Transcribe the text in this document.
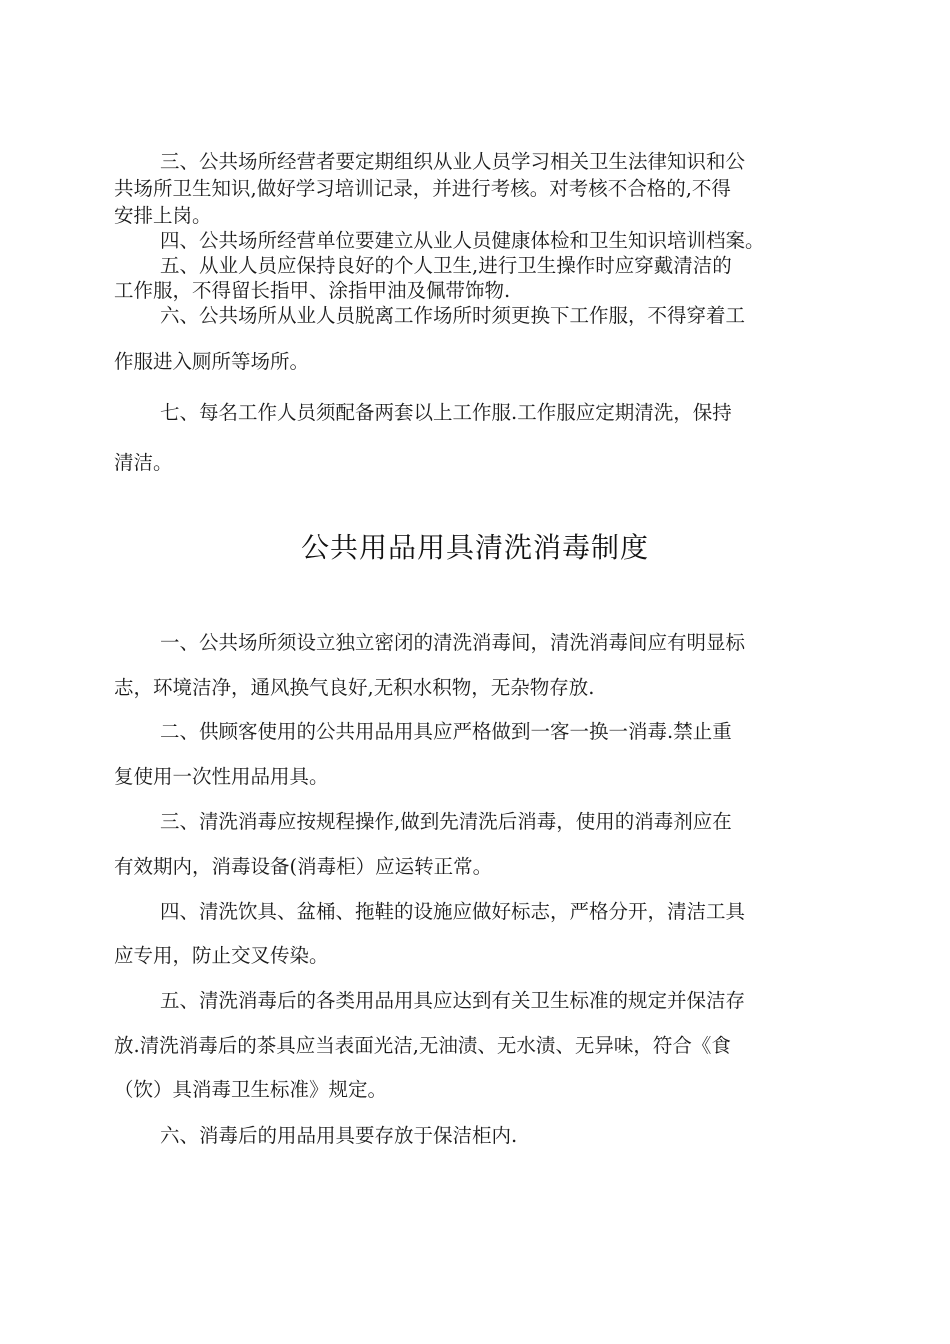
三、公共场所经营者要定期组织从业人员学习相关卫生法律知识和公
共场所卫生知识,做好学习培训记录，并进行考核。对考核不合格的,不得
安排上岗。
四、公共场所经营单位要建立从业人员健康体检和卫生知识培训档案。
五、从业人员应保持良好的个人卫生,进行卫生操作时应穿戴清洁的
工作服，不得留长指甲、涂指甲油及佩带饰物.
六、公共场所从业人员脱离工作场所时须更换下工作服，不得穿着工
作服进入厕所等场所。
七、每名工作人员须配备两套以上工作服.工作服应定期清洗，保持
清洁。
公共用品用具清洗消毒制度
一、公共场所须设立独立密闭的清洗消毒间，清洗消毒间应有明显标
志，环境洁净，通风换气良好,无积水积物，无杂物存放.
二、供顾客使用的公共用品用具应严格做到一客一换一消毒.禁止重
复使用一次性用品用具。
三、清洗消毒应按规程操作,做到先清洗后消毒，使用的消毒剂应在
有效期内，消毒设备(消毒柜）应运转正常。
四、清洗饮具、盆桶、拖鞋的设施应做好标志，严格分开，清洁工具
应专用，防止交叉传染。
五、清洗消毒后的各类用品用具应达到有关卫生标准的规定并保洁存
放.清洗消毒后的茶具应当表面光洁,无油渍、无水渍、无异味，符合《食
（饮）具消毒卫生标准》规定。
六、消毒后的用品用具要存放于保洁柜内.
